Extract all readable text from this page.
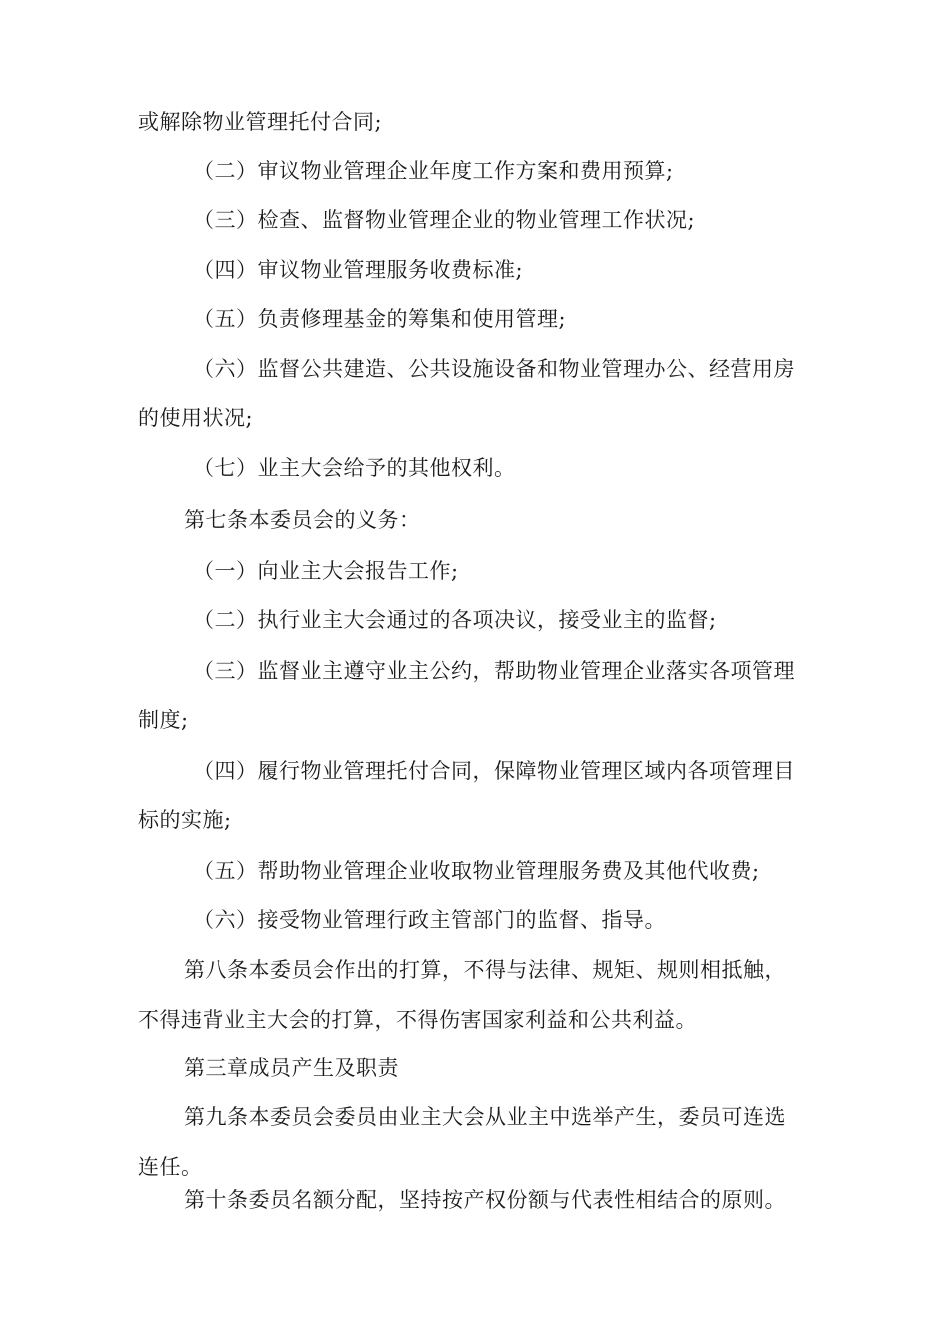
或解除物业管理托付合同;
（二）审议物业管理企业年度工作方案和费用预算;
（三）检查、监督物业管理企业的物业管理工作状况;
（四）审议物业管理服务收费标准;
（五）负责修理基金的筹集和使用管理;
（六）监督公共建造、公共设施设备和物业管理办公、经营用房
的使用状况;
（七）业主大会给予的其他权利。
第七条本委员会的义务：
（一）向业主大会报告工作;
（二）执行业主大会通过的各项决议，接受业主的监督;
（三）监督业主遵守业主公约，帮助物业管理企业落实各项管理
制度;
（四）履行物业管理托付合同，保障物业管理区域内各项管理目
标的实施;
（五）帮助物业管理企业收取物业管理服务费及其他代收费;
（六）接受物业管理行政主管部门的监督、指导。
第八条本委员会作出的打算，不得与法律、规矩、规则相抵触，
不得违背业主大会的打算，不得伤害国家利益和公共利益。
第三章成员产生及职责
第九条本委员会委员由业主大会从业主中选举产生，委员可连选
连任。
第十条委员名额分配，坚持按产权份额与代表性相结合的原则。
